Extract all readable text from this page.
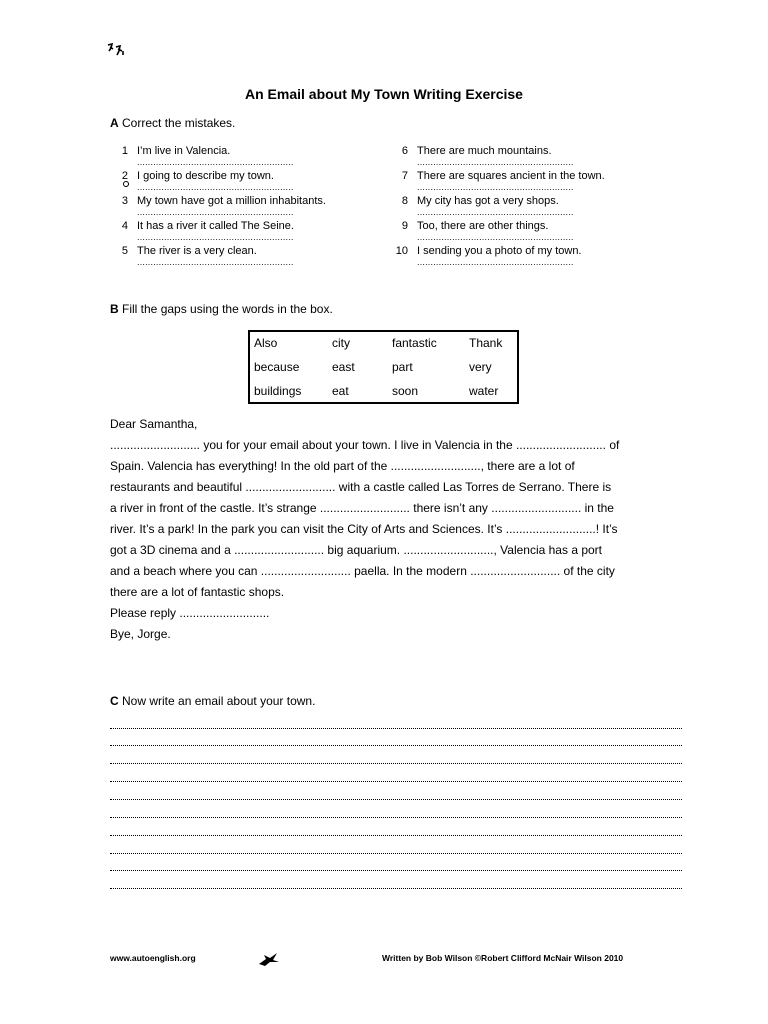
An Email about My Town Writing Exercise
A Correct the mistakes.
1 I’m live in Valencia.
..........................................................
2 I going to describe my town.
..........................................................
3 My town have got a million inhabitants.
..........................................................
4 It has a river it called The Seine.
..........................................................
5 The river is a very clean.
..........................................................
6 There are much mountains.
..........................................................
7 There are squares ancient in the town.
..........................................................
8 My city has got a very shops.
..........................................................
9 Too, there are other things.
..........................................................
10 I sending you a photo of my town.
..........................................................
B Fill the gaps using the words in the box.
Also	city	fantastic	Thank
because	east	part	very
buildings	eat	soon	water

Dear Samantha,

........................... you for your email about your town. I live in Valencia in the ........................... of

Spain. Valencia has everything! In the old part of the ..........................., there are a lot of

restaurants and beautiful ........................... with a castle called Las Torres de Serrano. There is

a river in front of the castle. It’s strange ........................... there isn’t any ........................... in the

river. It’s a park! In the park you can visit the City of Arts and Sciences. It’s ...........................! It’s

got a 3D cinema and a ........................... big aquarium. ..........................., Valencia has a port

and a beach where you can ........................... paella. In the modern ........................... of the city

there are a lot of fantastic shops.

Please reply ...........................

Bye, Jorge.

C Now write an email about your town.
www.autoenglish.org	Written by Bob Wilson ©Robert Clifford McNair Wilson 2010
